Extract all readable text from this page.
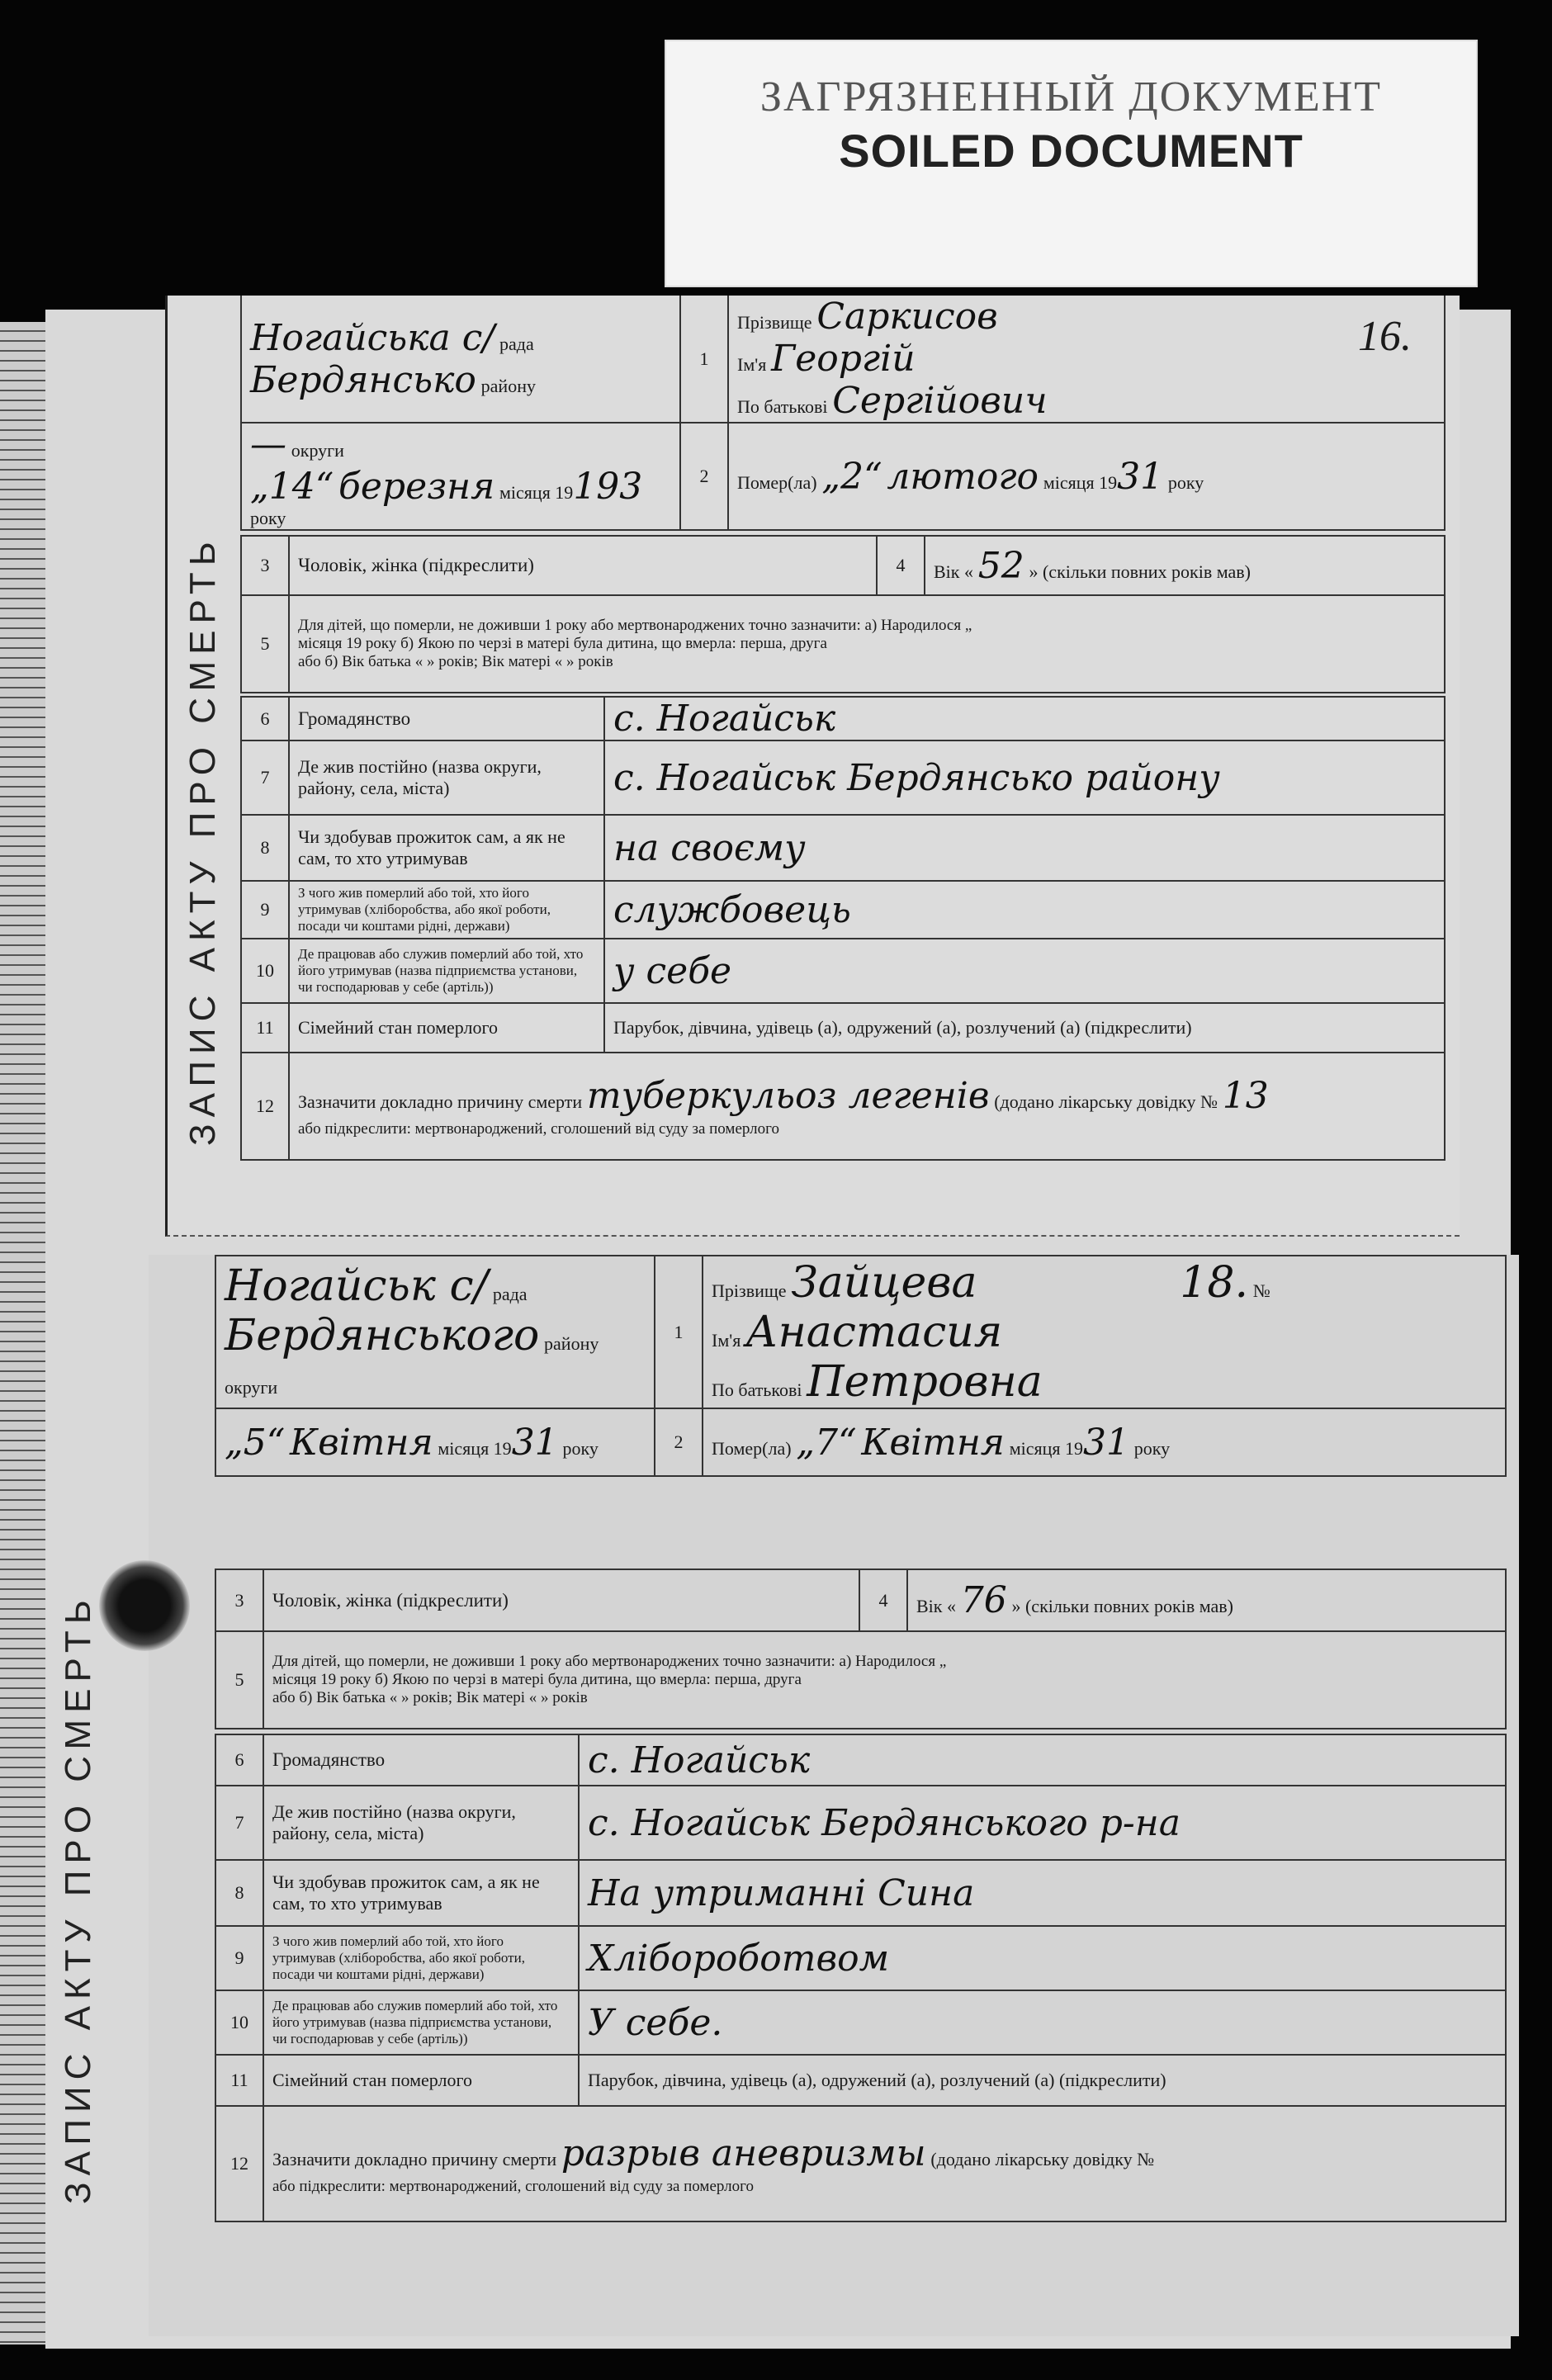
ЗАГРЯЗНЕННЫЙ ДОКУМЕНТ
SOILED DOCUMENT
ЗАПИС АКТУ ПРО СМЕРТЬ
Ногайська с/ рада
Бердянсько району	1	Прізвище Саркисов 16.

Ім'я Георгій
По батькові Сергійович
— округи
„14“ березня місяця 19193 року	2	Помер(ла) „2“ лютого місяця 1931 року
3	Чоловік, жінка (підкреслити)	4	Вік « 52 » (скільки повних років мав)
5	Для дітей, що померли, не доживши 1 року або мертвонароджених точно зазначити: а) Народилося „
місяця 19 року б) Якою по черзі в матері була дитина, що вмерла: перша, друга
або б) Вік батька « » років; Вік матері « » років		
6	Громадянство	с. Ногайськ
7	Де жив постійно (назва округи, району, села, міста)	с. Ногайськ Бердянсько району
8	Чи здобував прожиток сам, а як не сам, то хто утримував	на своєму
9	З чого жив померлий або той, хто його утримував (хліборобства, або якої роботи, посади чи коштами рідні, держави)	службовець
10	Де працював або служив померлий або той, хто його утримував (назва підприємства установи, чи господарював у себе (артіль))	у себе
11	Сімейний стан померлого	Парубок, дівчина, удівець (а), одружений (а), розлучений (а) (підкреслити)
12	Зазначити докладно причину смерти туберкульоз легенів (додано лікарську довідку № 13
або підкреслити: мертвонароджений, сголошений від суду за померлого	
ЗАПИС АКТУ ПРО СМЕРТЬ
Ногайськ с/ рада
Бердянського району
округи	1	Прізвище Зайцева 18. №
Ім'я Анастасия
По батькові Петровна
„5“ Квітня місяця 1931 року	2	Помер(ла) „7“ Квітня місяця 1931 року
3	Чоловік, жінка (підкреслити)	4	Вік « 76 » (скільки повних років мав)
5	Для дітей, що померли, не доживши 1 року або мертвонароджених точно зазначити: а) Народилося „
місяця 19 року б) Якою по черзі в матері була дитина, що вмерла: перша, друга
або б) Вік батька « » років; Вік матері « » років		
6	Громадянство	с. Ногайськ
7	Де жив постійно (назва округи, району, села, міста)	с. Ногайськ Бердянського р-на
8	Чи здобував прожиток сам, а як не сам, то хто утримував	На утриманні Сина
9	З чого жив померлий або той, хто його утримував (хліборобства, або якої роботи, посади чи коштами рідні, держави)	Хлібороботвом
10	Де працював або служив померлий або той, хто його утримував (назва підприємства установи, чи господарював у себе (артіль))	У себе.
11	Сімейний стан померлого	Парубок, дівчина, удівець (а), одружений (а), розлучений (а) (підкреслити)
12	Зазначити докладно причину смерти разрыв аневризмы (додано лікарську довідку №
або підкреслити: мертвонароджений, сголошений від суду за померлого	
